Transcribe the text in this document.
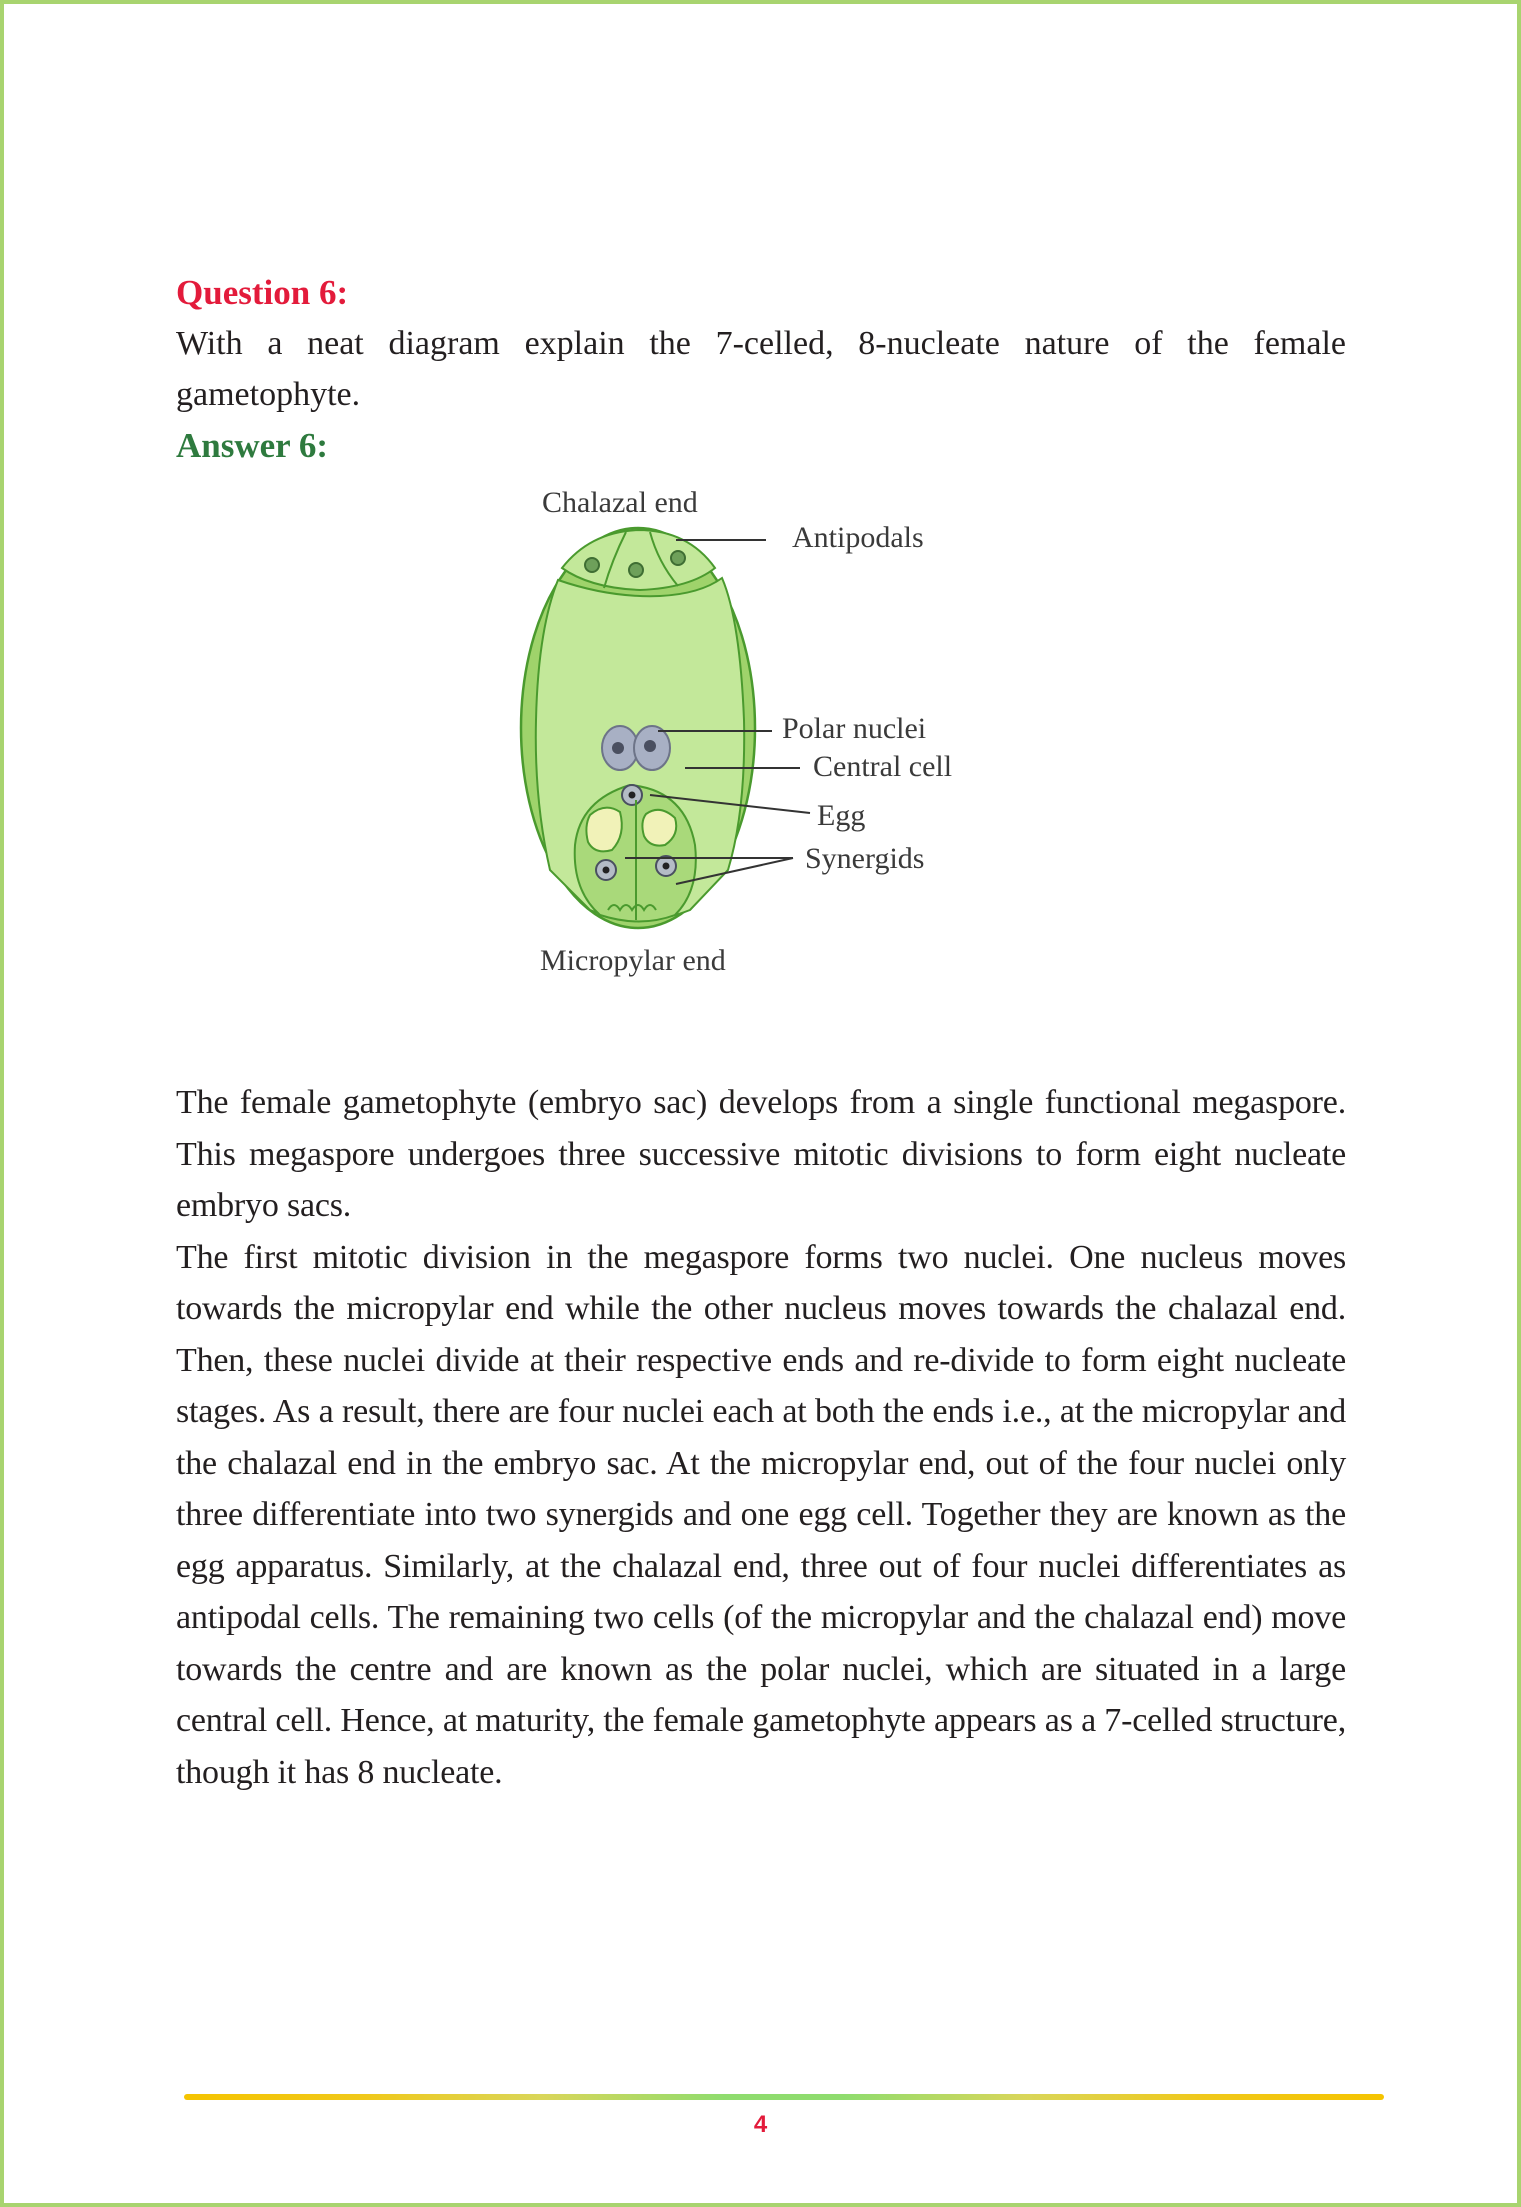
Question 6:

With a neat diagram explain the 7-celled, 8-nucleate nature of the female gametophyte.

Answer 6:

Chalazal end
Antipodals
Polar nuclei
Central cell
Egg
Synergids
Micropylar end

The female gametophyte (embryo sac) develops from a single functional megaspore. This megaspore undergoes three successive mitotic divisions to form eight nucleate embryo sacs.

The first mitotic division in the megaspore forms two nuclei. One nucleus moves towards the micropylar end while the other nucleus moves towards the chalazal end. Then, these nuclei divide at their respective ends and re-divide to form eight nucleate stages. As a result, there are four nuclei each at both the ends i.e., at the micropylar and the chalazal end in the embryo sac. At the micropylar end, out of the four nuclei only three differentiate into two synergids and one egg cell. Together they are known as the egg apparatus. Similarly, at the chalazal end, three out of four nuclei differentiates as antipodal cells. The remaining two cells (of the micropylar and the chalazal end) move towards the centre and are known as the polar nuclei, which are situated in a large central cell. Hence, at maturity, the female gametophyte appears as a 7-celled structure, though it has 8 nucleate.

4
